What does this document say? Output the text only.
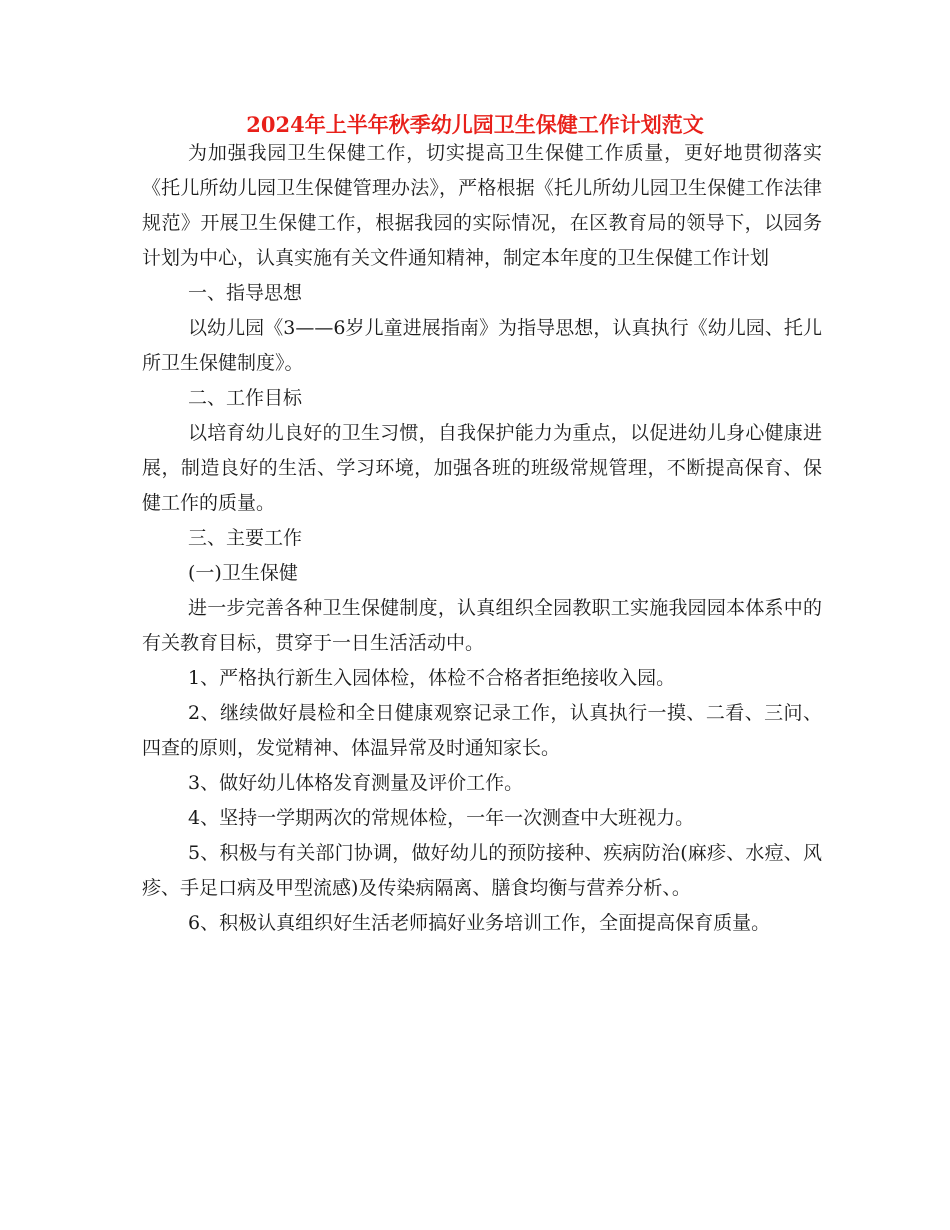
2024年上半年秋季幼儿园卫生保健工作计划范文

为加强我园卫生保健工作，切实提高卫生保健工作质量，更好地贯彻落实《托儿所幼儿园卫生保健管理办法》，严格根据《托儿所幼儿园卫生保健工作法律规范》开展卫生保健工作，根据我园的实际情况，在区教育局的领导下，以园务计划为中心，认真实施有关文件通知精神，制定本年度的卫生保健工作计划

一、指导思想

以幼儿园《3——6岁儿童进展指南》为指导思想，认真执行《幼儿园、托儿所卫生保健制度》。

二、工作目标

以培育幼儿良好的卫生习惯，自我保护能力为重点，以促进幼儿身心健康进展，制造良好的生活、学习环境，加强各班的班级常规管理，不断提高保育、保健工作的质量。

三、主要工作

(一)卫生保健

进一步完善各种卫生保健制度，认真组织全园教职工实施我园园本体系中的有关教育目标，贯穿于一日生活活动中。

1、严格执行新生入园体检，体检不合格者拒绝接收入园。

2、继续做好晨检和全日健康观察记录工作，认真执行一摸、二看、三问、四查的原则，发觉精神、体温异常及时通知家长。

3、做好幼儿体格发育测量及评价工作。

4、坚持一学期两次的常规体检，一年一次测查中大班视力。

5、积极与有关部门协调，做好幼儿的预防接种、疾病防治(麻疹、水痘、风疹、手足口病及甲型流感)及传染病隔离、膳食均衡与营养分析、。

6、积极认真组织好生活老师搞好业务培训工作，全面提高保育质量。
